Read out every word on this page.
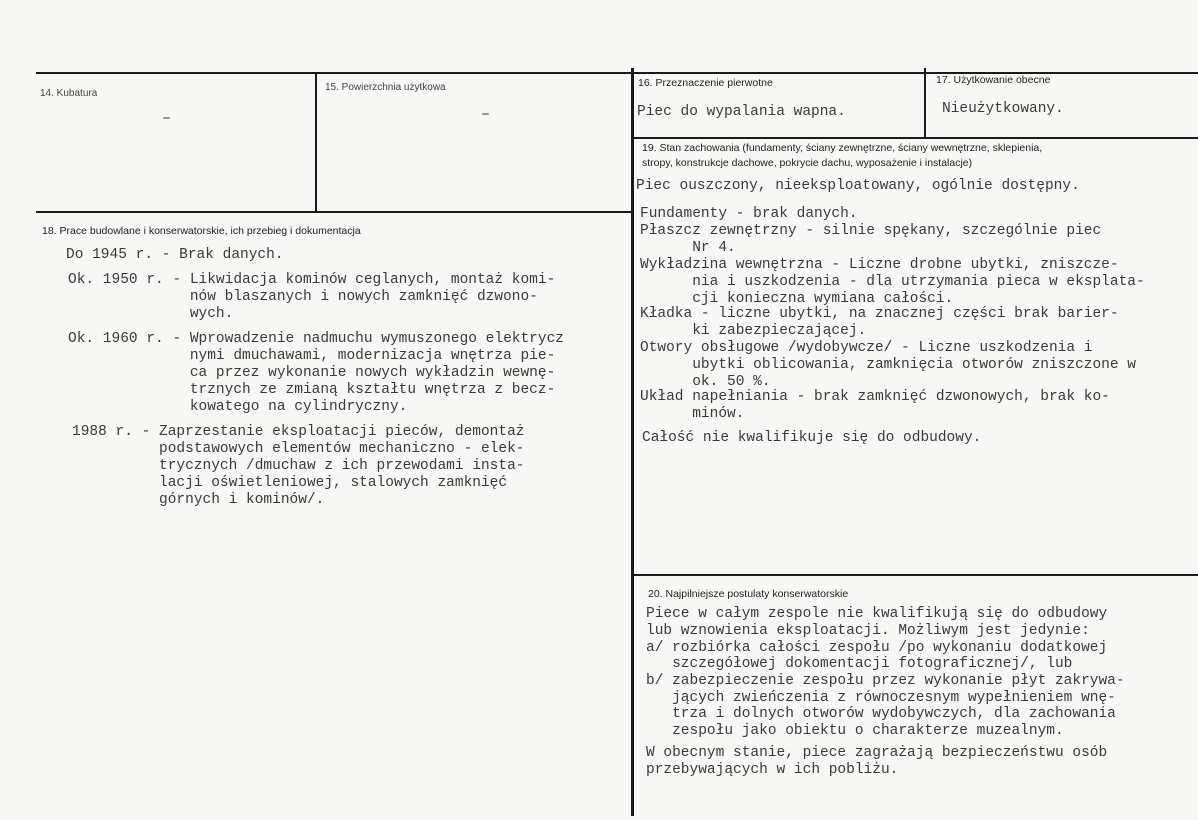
14. Kubatura
–
15. Powierzchnia użytkowa
–
16. Przeznaczenie pierwotne
Piec do wypalania wapna.
17. Użytkowanie obecne
Nieużytkowany.
18. Prace budowlane i konserwatorskie, ich przebieg i dokumentacja
Do 1945 r. - Brak danych.
Ok. 1950 r. - Likwidacja kominów ceglanych, montaż komi-
nów blaszanych i nowych zamknięć dzwono-
wych.
Ok. 1960 r. - Wprowadzenie nadmuchu wymuszonego elektrycz
nymi dmuchawami, modernizacja wnętrza pie-
ca przez wykonanie nowych wykładzin wewnę-
trznych ze zmianą kształtu wnętrza z becz-
kowatego na cylindryczny.
1988 r. - Zaprzestanie eksploatacji pieców, demontaż
podstawowych elementów mechaniczno - elek-
trycznych /dmuchaw z ich przewodami insta-
lacji oświetleniowej, stalowych zamknięć
górnych i kominów/.
19. Stan zachowania (fundamenty, ściany zewnętrzne, ściany wewnętrzne, sklepienia,
stropy, konstrukcje dachowe, pokrycie dachu, wyposażenie i instalacje)
Piec ouszczony, nieeksploatowany, ogólnie dostępny.
Fundamenty - brak danych.
Płaszcz zewnętrzny - silnie spękany, szczególnie piec
Nr 4.
Wykładzina wewnętrzna - Liczne drobne ubytki, zniszcze-
nia i uszkodzenia - dla utrzymania pieca w eksplata-
cji konieczna wymiana całości.
Kładka - liczne ubytki, na znacznej części brak barier-
ki zabezpieczającej.
Otwory obsługowe /wydobywcze/ - Liczne uszkodzenia i
ubytki oblicowania, zamknięcia otworów zniszczone w
ok. 50 %.
Układ napełniania - brak zamknięć dzwonowych, brak ko-
minów.
Całość nie kwalifikuje się do odbudowy.
20. Najpilniejsze postulaty konserwatorskie
Piece w całym zespole nie kwalifikują się do odbudowy
lub wznowienia eksploatacji. Możliwym jest jedynie:
a/ rozbiórka całości zespołu /po wykonaniu dodatkowej
szczegółowej dokomentacji fotograficznej/, lub
b/ zabezpieczenie zespołu przez wykonanie płyt zakrywa-
jących zwieńczenia z równoczesnym wypełnieniem wnę-
trza i dolnych otworów wydobywczych, dla zachowania
zespołu jako obiektu o charakterze muzealnym.
W obecnym stanie, piece zagrażają bezpieczeństwu osób
przebywających w ich pobliżu.
